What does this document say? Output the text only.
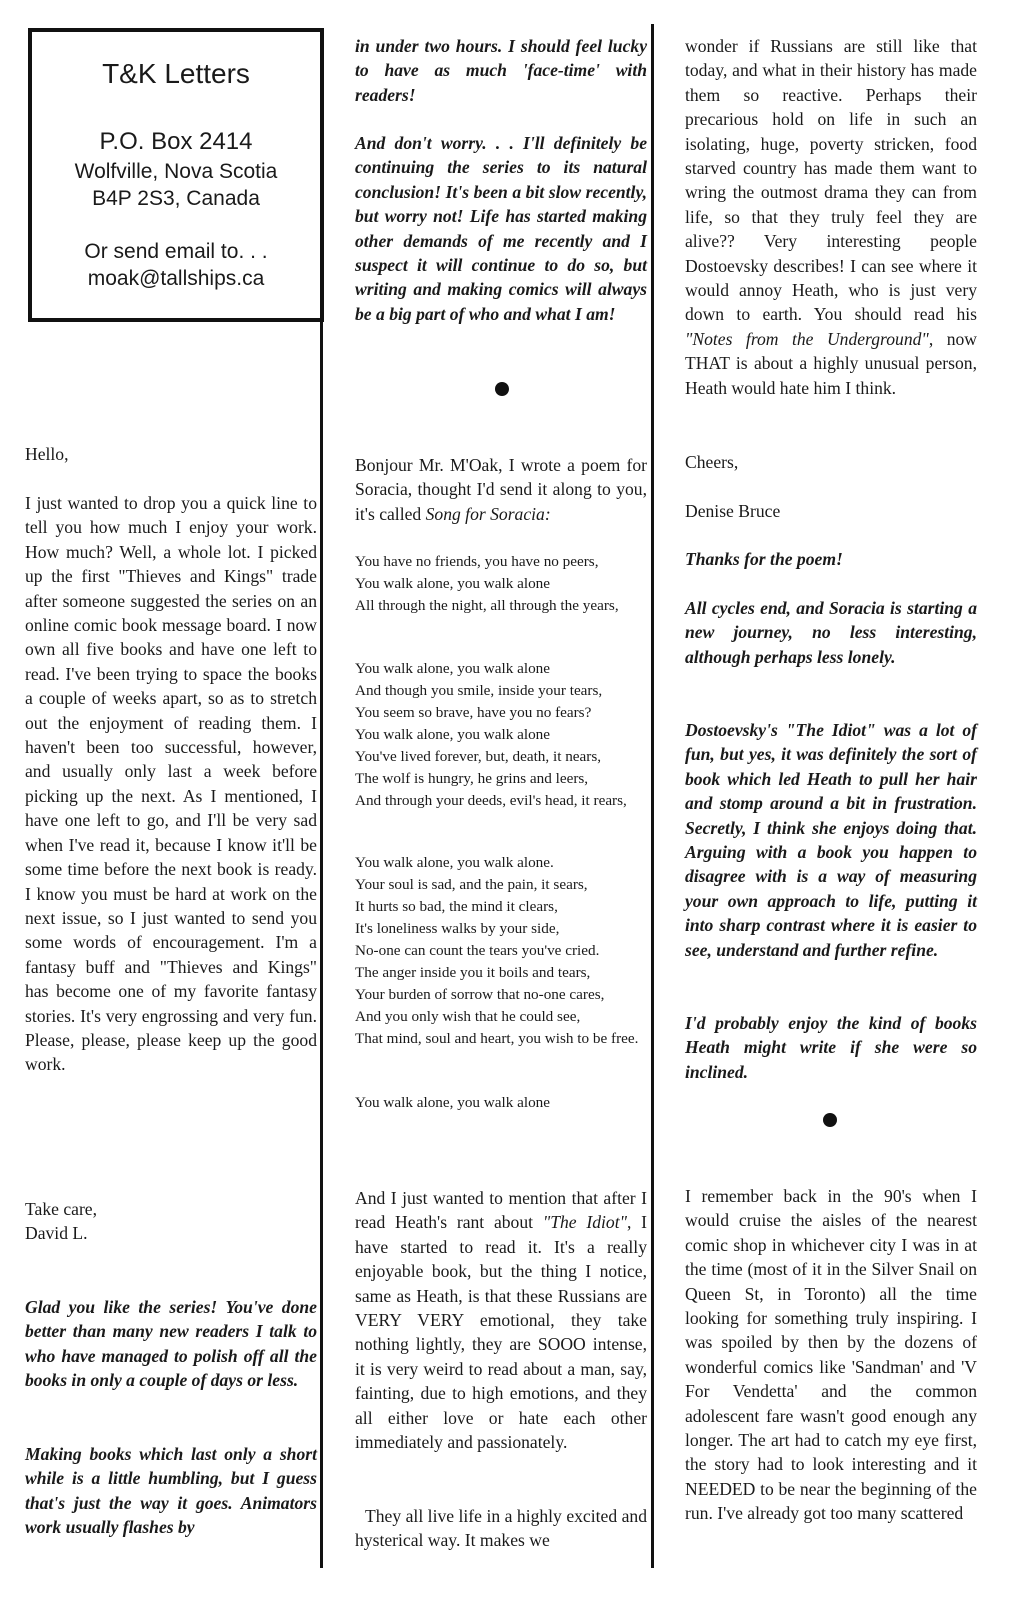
T&K Letters
P.O. Box 2414
Wolfville, Nova Scotia
B4P 2S3, Canada
Or send email to. . .
moak@tallships.ca

Hello,

I just wanted to drop you a quick line to tell you how much I enjoy your work. How much? Well, a whole lot. I picked up the first "Thieves and Kings" trade after someone suggested the series on an online comic book message board. I now own all five books and have one left to read. I've been trying to space the books a couple of weeks apart, so as to stretch out the enjoyment of reading them. I haven't been too successful, however, and usually only last a week before picking up the next. As I mentioned, I have one left to go, and I'll be very sad when I've read it, because I know it'll be some time before the next book is ready. I know you must be hard at work on the next issue, so I just wanted to send you some words of encouragement. I'm a fantasy buff and "Thieves and Kings" has become one of my favorite fantasy stories. It's very engrossing and very fun. Please, please, please keep up the good work.

Take care,

David L.

Glad you like the series! You've done better than many new readers I talk to who have managed to polish off all the books in only a couple of days or less.

Making books which last only a short while is a little humbling, but I guess that's just the way it goes. Animators work usually flashes by

in under two hours. I should feel lucky to have as much 'face-time' with readers!

And don't worry. . . I'll definitely be continuing the series to its natural conclusion! It's been a bit slow recently, but worry not! Life has started making other demands of me recently and I suspect it will continue to do so, but writing and making comics will always be a big part of who and what I am!

Bonjour Mr. M'Oak, I wrote a poem for Soracia, thought I'd send it along to you, it's called Song for Soracia:

You have no friends, you have no peers,
You walk alone, you walk alone
All through the night, all through the years,
You walk alone, you walk alone
And though you smile, inside your tears,
You seem so brave, have you no fears?
You walk alone, you walk alone
You've lived forever, but, death, it nears,
The wolf is hungry, he grins and leers,
And through your deeds, evil's head, it rears,
You walk alone, you walk alone.
Your soul is sad, and the pain, it sears,
It hurts so bad, the mind it clears,
It's loneliness walks by your side,
No-one can count the tears you've cried.
The anger inside you it boils and tears,
Your burden of sorrow that no-one cares,
And you only wish that he could see,
That mind, soul and heart, you wish to be free.
You walk alone, you walk alone

And I just wanted to mention that after I read Heath's rant about "The Idiot", I have started to read it. It's a really enjoyable book, but the thing I notice, same as Heath, is that these Russians are VERY VERY emotional, they take nothing lightly, they are SOOO intense, it is very weird to read about a man, say, fainting, due to high emotions, and they all either love or hate each other immediately and passionately.

They all live life in a highly excited and hysterical way. It makes we

wonder if Russians are still like that today, and what in their history has made them so reactive. Perhaps their precarious hold on life in such an isolating, huge, poverty stricken, food starved country has made them want to wring the outmost drama they can from life, so that they truly feel they are alive?? Very interesting people Dostoevsky describes! I can see where it would annoy Heath, who is just very down to earth. You should read his "Notes from the Underground", now THAT is about a highly unusual person, Heath would hate him I think.

Cheers,

Denise Bruce

Thanks for the poem!

All cycles end, and Soracia is starting a new journey, no less interesting, although perhaps less lonely.

Dostoevsky's "The Idiot" was a lot of fun, but yes, it was definitely the sort of book which led Heath to pull her hair and stomp around a bit in frustration. Secretly, I think she enjoys doing that. Arguing with a book you happen to disagree with is a way of measuring your own approach to life, putting it into sharp contrast where it is easier to see, understand and further refine.

I'd probably enjoy the kind of books Heath might write if she were so inclined.

I remember back in the 90's when I would cruise the aisles of the nearest comic shop in whichever city I was in at the time (most of it in the Silver Snail on Queen St, in Toronto) all the time looking for something truly inspiring. I was spoiled by then by the dozens of wonderful comics like 'Sandman' and 'V For Vendetta' and the common adolescent fare wasn't good enough any longer. The art had to catch my eye first, the story had to look interesting and it NEEDED to be near the beginning of the run. I've already got too many scattered
